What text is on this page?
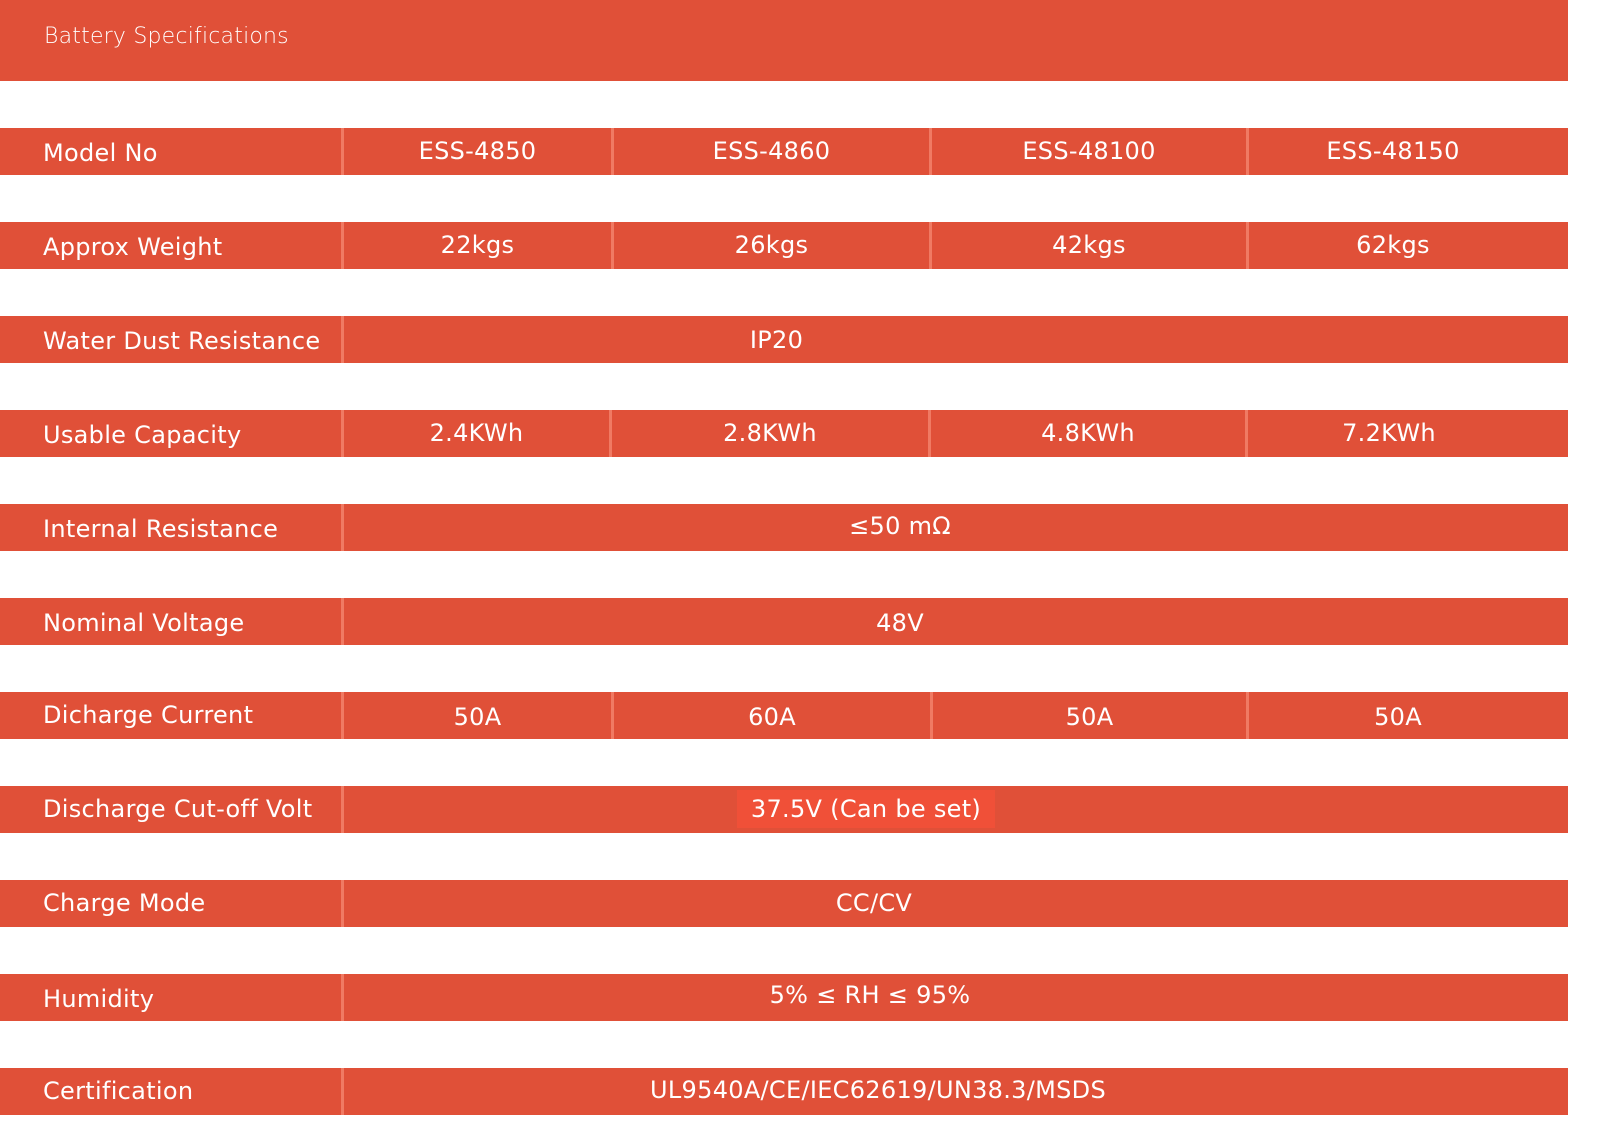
Battery Specifications
Model No	ESS-4850	ESS-4860	ESS-48100	ESS-48150
Approx Weight	22kgs	26kgs	42kgs	62kgs
Water Dust Resistance	IP20
Usable Capacity	2.4KWh	2.8KWh	4.8KWh	7.2KWh
Internal Resistance	≤50 mΩ
Nominal Voltage	48V
Dicharge Current	50A	60A	50A	50A
Discharge Cut-off Volt	37.5V (Can be set)
Charge Mode	CC/CV
Humidity	5% ≤ RH ≤ 95%
Certification	UL9540A/CE/IEC62619/UN38.3/MSDS
